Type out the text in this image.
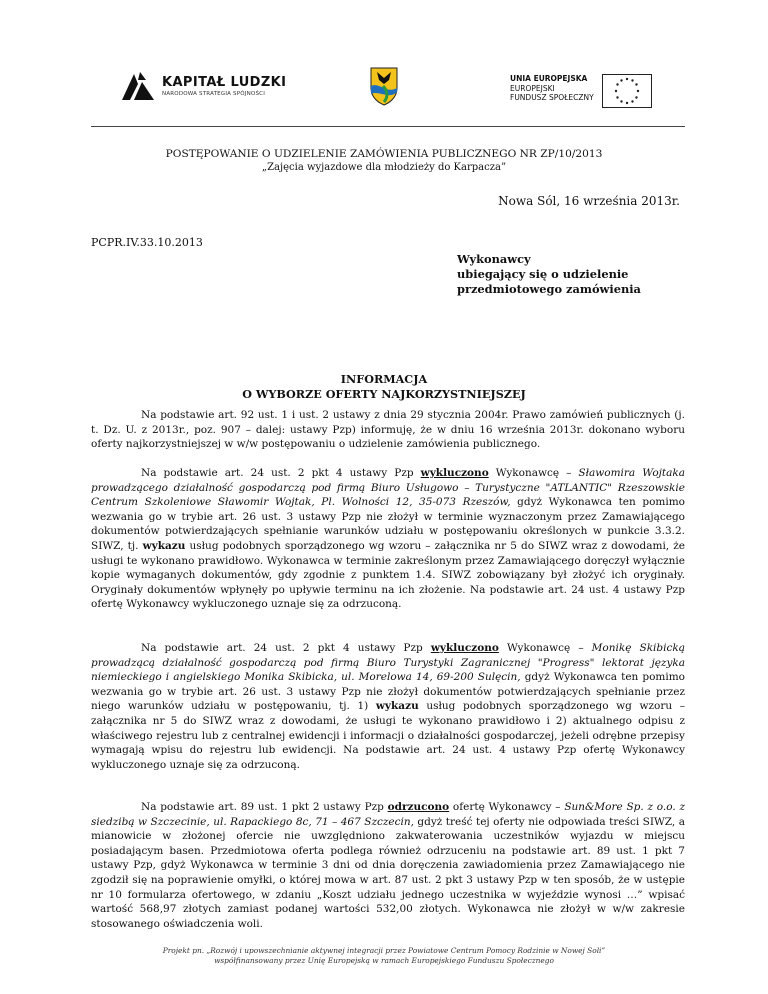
KAPITAŁ LUDZKI
NARODOWA STRATEGIA SPÓJNOŚCI
UNIA EUROPEJSKA
EUROPEJSKI
FUNDUSZ SPOŁECZNY
POSTĘPOWANIE O UDZIELENIE ZAMÓWIENIA PUBLICZNEGO NR ZP/10/2013
„Zajęcia wyjazdowe dla młodzieży do Karpacza”
Nowa Sól, 16 września 2013r.
PCPR.IV.33.10.2013
Wykonawcy
ubiegający się o udzielenie
przedmiotowego zamówienia
INFORMACJA
O WYBORZE OFERTY NAJKORZYSTNIEJSZEJ

Na podstawie art. 92 ust. 1 i ust. 2 ustawy z dnia 29 stycznia 2004r. Prawo zamówień publicznych (j. t. Dz. U. z 2013r., poz. 907 – dalej: ustawy Pzp) informuję, że w dniu 16 września 2013r. dokonano wyboru oferty najkorzystniejszej w w/w postępowaniu o udzielenie zamówienia publicznego.

Na podstawie art. 24 ust. 2 pkt 4 ustawy Pzp wykluczono Wykonawcę – Sławomira Wojtaka prowadzącego działalność gospodarczą pod firmą Biuro Usługowo – Turystyczne "ATLANTIC" Rzeszowskie Centrum Szkoleniowe Sławomir Wojtak, Pl. Wolności 12, 35-073 Rzeszów, gdyż Wykonawca ten pomimo wezwania go w trybie art. 26 ust. 3 ustawy Pzp nie złożył w terminie wyznaczonym przez Zamawiającego dokumentów potwierdzających spełnianie warunków udziału w postępowaniu określonych w punkcie 3.3.2. SIWZ, tj. wykazu usług podobnych sporządzonego wg wzoru – załącznika nr 5 do SIWZ wraz z dowodami, że usługi te wykonano prawidłowo. Wykonawca w terminie zakreślonym przez Zamawiającego doręczył wyłącznie kopie wymaganych dokumentów, gdy zgodnie z punktem 1.4. SIWZ zobowiązany był złożyć ich oryginały. Oryginały dokumentów wpłynęły po upływie terminu na ich złożenie. Na podstawie art. 24 ust. 4 ustawy Pzp ofertę Wykonawcy wykluczonego uznaje się za odrzuconą.

Na podstawie art. 24 ust. 2 pkt 4 ustawy Pzp wykluczono Wykonawcę – Monikę Skibicką prowadzącą działalność gospodarczą pod firmą Biuro Turystyki Zagranicznej "Progress" lektorat języka niemieckiego i angielskiego Monika Skibicka, ul. Morelowa 14, 69-200 Sulęcin, gdyż Wykonawca ten pomimo wezwania go w trybie art. 26 ust. 3 ustawy Pzp nie złożył dokumentów potwierdzających spełnianie przez niego warunków udziału w postępowaniu, tj. 1) wykazu usług podobnych sporządzonego wg wzoru – załącznika nr 5 do SIWZ wraz z dowodami, że usługi te wykonano prawidłowo i 2) aktualnego odpisu z właściwego rejestru lub z centralnej ewidencji i informacji o działalności gospodarczej, jeżeli odrębne przepisy wymagają wpisu do rejestru lub ewidencji. Na podstawie art. 24 ust. 4 ustawy Pzp ofertę Wykonawcy wykluczonego uznaje się za odrzuconą.

Na podstawie art. 89 ust. 1 pkt 2 ustawy Pzp odrzucono ofertę Wykonawcy – Sun&More Sp. z o.o. z siedzibą w Szczecinie, ul. Rapackiego 8c, 71 – 467 Szczecin, gdyż treść tej oferty nie odpowiada treści SIWZ, a mianowicie w złożonej ofercie nie uwzględniono zakwaterowania uczestników wyjazdu w miejscu posiadającym basen. Przedmiotowa oferta podlega również odrzuceniu na podstawie art. 89 ust. 1 pkt 7 ustawy Pzp, gdyż Wykonawca w terminie 3 dni od dnia doręczenia zawiadomienia przez Zamawiającego nie zgodził się na poprawienie omyłki, o której mowa w art. 87 ust. 2 pkt 3 ustawy Pzp w ten sposób, że w ustępie nr 10 formularza ofertowego, w zdaniu „Koszt udziału jednego uczestnika w wyjeździe wynosi …” wpisać wartość 568,97 złotych zamiast podanej wartości 532,00 złotych. Wykonawca nie złożył w w/w zakresie stosowanego oświadczenia woli.

Projekt pn. „Rozwój i upowszechnianie aktywnej integracji przez Powiatowe Centrum Pomocy Rodzinie w Nowej Soli”
współfinansowany przez Unię Europejską w ramach Europejskiego Funduszu Społecznego
